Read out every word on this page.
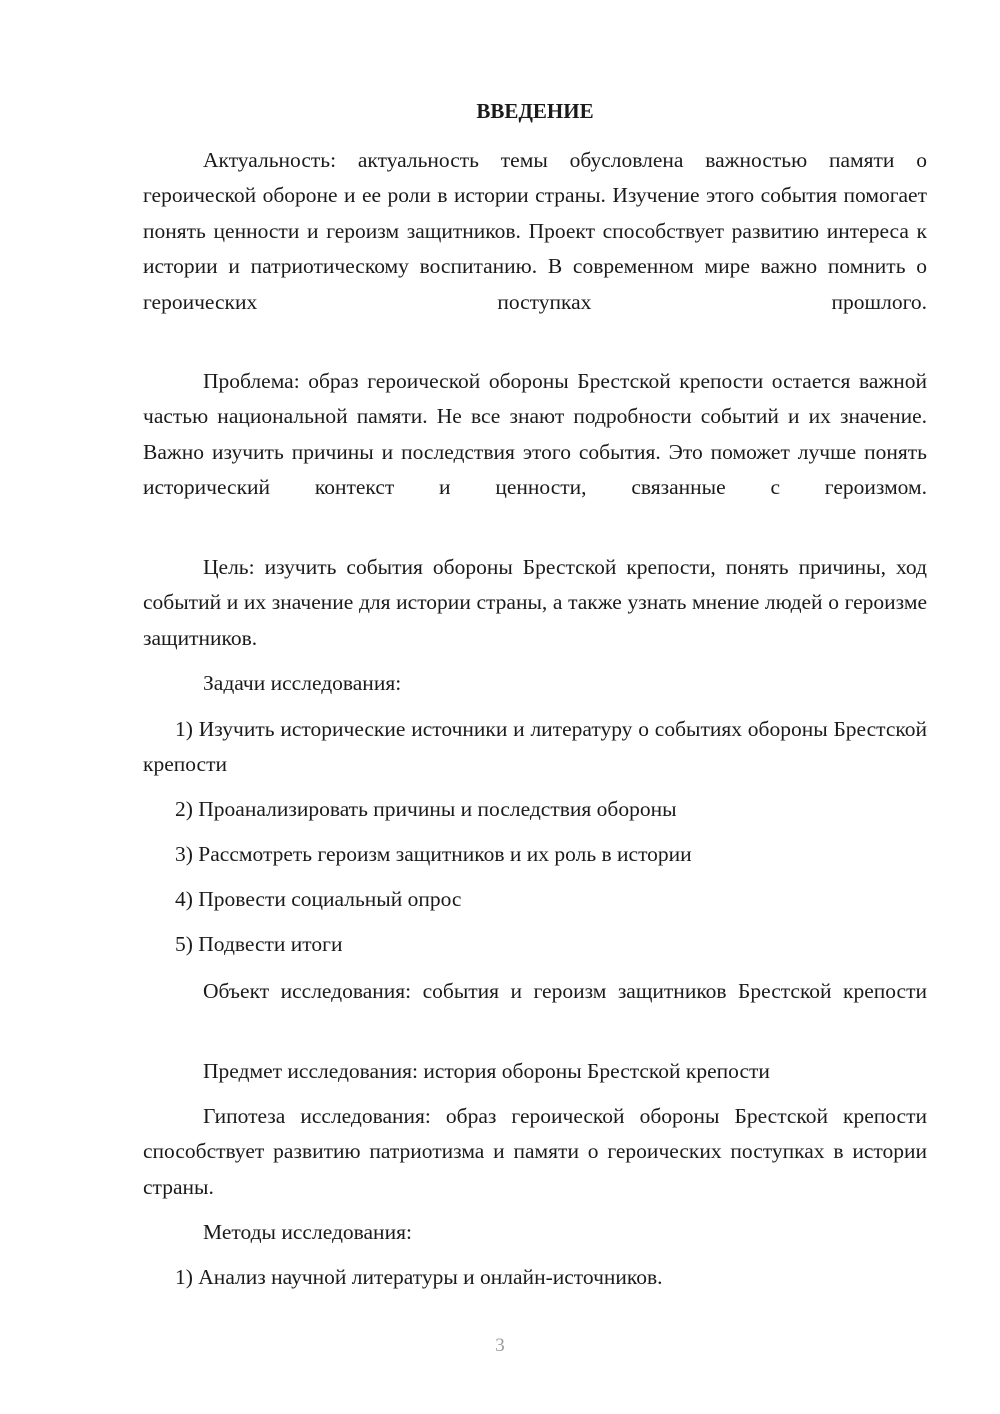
ВВЕДЕНИЕ

Актуальность: актуальность темы обусловлена важностью памяти о героической обороне и ее роли в истории страны. Изучение этого события помогает понять ценности и героизм защитников. Проект способствует развитию интереса к истории и патриотическому воспитанию. В современном мире важно помнить о героических поступках прошлого.

Проблема: образ героической обороны Брестской крепости остается важной частью национальной памяти. Не все знают подробности событий и их значение. Важно изучить причины и последствия этого события. Это поможет лучше понять исторический контекст и ценности, связанные с героизмом.

Цель: изучить события обороны Брестской крепости, понять причины, ход событий и их значение для истории страны, а также узнать мнение людей о героизме защитников.

Задачи исследования:

1) Изучить исторические источники и литературу о событиях обороны Брестской крепости

2) Проанализировать причины и последствия обороны

3) Рассмотреть героизм защитников и их роль в истории

4) Провести социальный опрос

5) Подвести итоги

Объект исследования: события и героизм защитников Брестской крепости

Предмет исследования: история обороны Брестской крепости

Гипотеза исследования: образ героической обороны Брестской крепости способствует развитию патриотизма и памяти о героических поступках в истории страны.

Методы исследования:

1) Анализ научной литературы и онлайн-источников.

3
